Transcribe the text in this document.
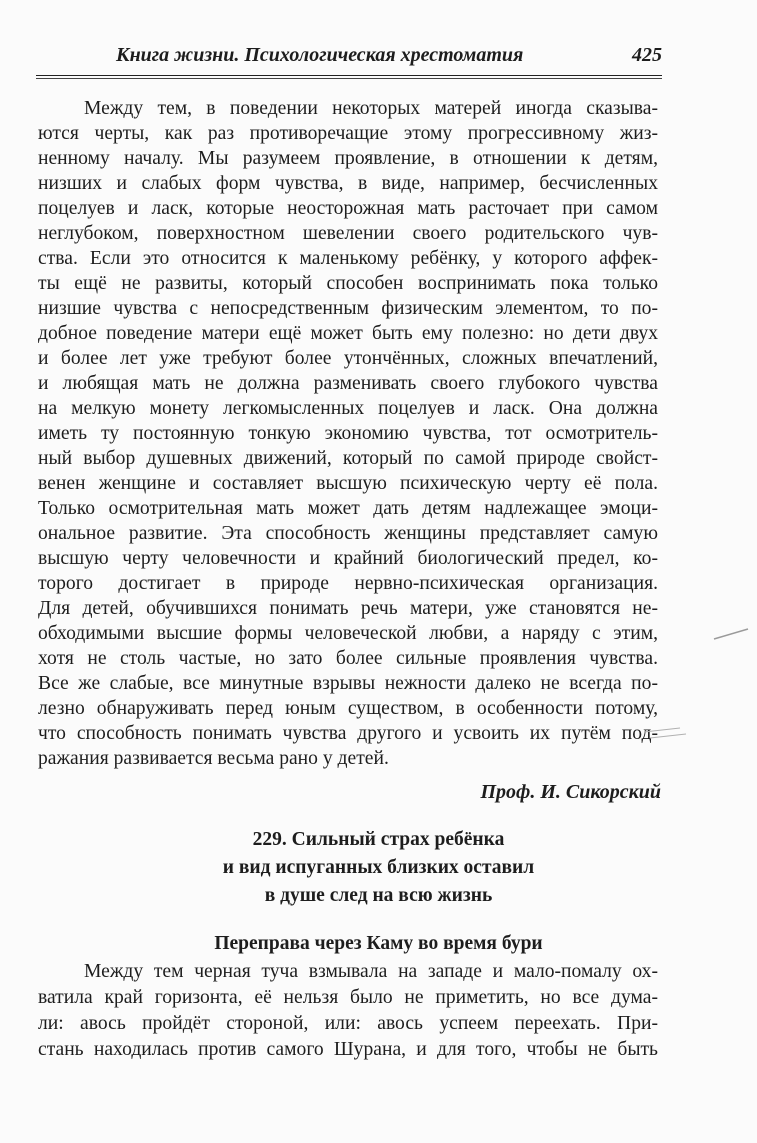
Книга жизни. Психологическая хрестоматия	425
Между тем, в поведении некоторых матерей иногда сказыва-
ются черты, как раз противоречащие этому прогрессивному жиз-
ненному началу. Мы разумеем проявление, в отношении к детям,
низших и слабых форм чувства, в виде, например, бесчисленных
поцелуев и ласк, которые неосторожная мать расточает при самом
неглубоком, поверхностном шевелении своего родительского чув-
ства. Если это относится к маленькому ребёнку, у которого аффек-
ты ещё не развиты, который способен воспринимать пока только
низшие чувства с непосредственным физическим элементом, то по-
добное поведение матери ещё может быть ему полезно: но дети двух
и более лет уже требуют более утончённых, сложных впечатлений,
и любящая мать не должна разменивать своего глубокого чувства
на мелкую монету легкомысленных поцелуев и ласк. Она должна
иметь ту постоянную тонкую экономию чувства, тот осмотритель-
ный выбор душевных движений, который по самой природе свойст-
венен женщине и составляет высшую психическую черту её пола.
Только осмотрительная мать может дать детям надлежащее эмоци-
ональное развитие. Эта способность женщины представляет самую
высшую черту человечности и крайний биологический предел, ко-
торого достигает в природе нервно-психическая организация.
Для детей, обучившихся понимать речь матери, уже становятся не-
обходимыми высшие формы человеческой любви, а наряду с этим,
хотя не столь частые, но зато более сильные проявления чувства.
Все же слабые, все минутные взрывы нежности далеко не всегда по-
лезно обнаруживать перед юным существом, в особенности потому,
что способность понимать чувства другого и усвоить их путём под-
ражания развивается весьма рано у детей.
Проф. И. Сикорский
229. Сильный страх ребёнка
и вид испуганных близких оставил
в душе след на всю жизнь
Переправа через Каму во время бури
Между тем черная туча взмывала на западе и мало-помалу ох-
ватила край горизонта, её нельзя было не приметить, но все дума-
ли: авось пройдёт стороной, или: авось успеем переехать. При-
стань находилась против самого Шурана, и для того, чтобы не быть
